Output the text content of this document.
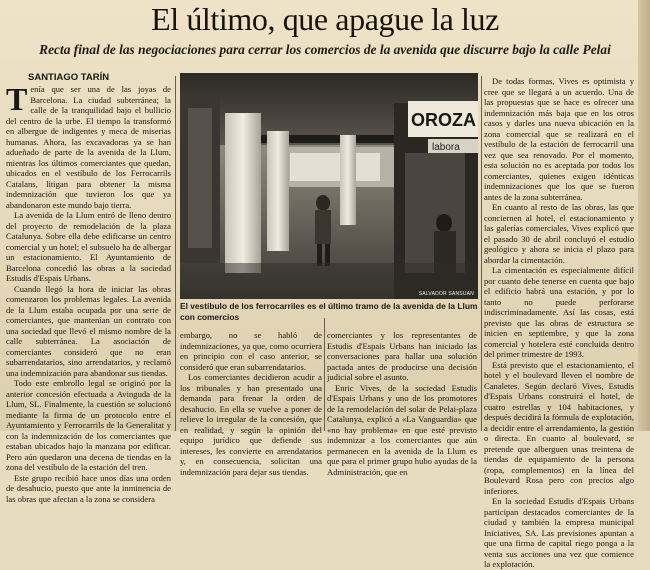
El último, que apague la luz
Recta final de las negociaciones para cerrar los comercios de la avenida que discurre bajo la calle Pelai
SANTIAGO TARÍN

Tenía que ser una de las joyas de Barcelona. La ciudad subterránea; la calle de la tranquilidad bajo el bullicio del centro de la urbe. El tiempo la transformó en albergue de indigentes y meca de miserias humanas. Ahora, las excavadoras ya se han adueñado de parte de la avenida de la Llum, mientras los últimos comerciantes que quedan, ubicados en el vestíbulo de los Ferrocarrils Catalans, litigan para obtener la misma indemnización que tuvieron los que ya abandonaron este mundo bajo tierra.

La avenida de la Llum entró de lleno dentro del proyecto de remodelación de la plaza Catalunya. Sobre ella debe edificarse un centro comercial y un hotel; el subsuelo ha de albergar un estacionamiento. El Ayuntamiento de Barcelona concedió las obras a la sociedad Estudis d'Espais Urbans.

Cuando llegó la hora de iniciar las obras comenzaron los problemas legales. La avenida de la Llum estaba ocupada por una serie de comerciantes, que mantenían un contrato con una sociedad que llevó el mismo nombre de la calle subterránea. La asociación de comerciantes consideró que no eran subarrendatarios, sino arrendatarios, y reclamó una indemnización para abandonar sus tiendas.

Todo este embrollo legal se originó por la anterior concesión efectuada a Avinguda de la Llum, SL. Finalmente, la cuestión se solucionó mediante la firma de un protocolo entre el Ayuntamiento y Ferrocarrils de la Generalitat y con la indemnización de los comerciantes que estaban ubicados bajo la manzana por edificar. Pero aún quedaron una decena de tiendas en la zona del vestíbulo de la estación del tren.

Este grupo recibió hace unos días una orden de desahucio, puesto que ante la inminencia de las obras que afectan a la zona se considera

OROZA
labora
SALVADOR SANSUAN
El vestíbulo de los ferrocarriles es el último tramo de la avenida de la Llum con comercios

embargo, no se habló de indemnizaciones, ya que, como ocurriera en principio con el caso anterior, se consideró que eran subarrendatarios.

Los comerciantes decidieron acudir a los tribunales y han presentado una demanda para frenar la orden de desahucio. En ella se vuelve a poner de relieve lo irregular de la concesión, que en realidad, y según la opinión del equipo jurídico que defiende sus intereses, les convierte en arrendatarios y, en consecuencia, solicitan una indemnización para dejar sus tiendas.

comerciantes y los representantes de Estudis d'Espais Urbans han iniciado las conversaciones para hallar una solución pactada antes de producirse una decisión judicial sobre el asunto.

Enric Vives, de la sociedad Estudis d'Espais Urbans y uno de los promotores de la remodelación del solar de Pelai-plaza Catalunya, explicó a «La Vanguardia» que «no hay problema» en que esté previsto indemnizar a los comerciantes que aún permanecen en la avenida de la Llum es que para el primer grupo hubo ayudas de la Administración, que en

De todas formas, Vives es optimista y cree que se llegará a un acuerdo. Una de las propuestas que se hace es ofrecer una indemnización más baja que en los otros casos y darles una nueva ubicación en la zona comercial que se realizará en el vestíbulo de la estación de ferrocarril una vez que sea renovado. Por el momento, esta solución no es aceptada por todos los comerciantes, quienes exigen idénticas indemnizaciones que los que se fueron antes de la zona subterránea.

En cuanto al resto de las obras, las que conciernen al hotel, el estacionamiento y las galerías comerciales, Vives explicó que el pasado 30 de abril concluyó el estudio geológico y ahora se inicia el plazo para abordar la cimentación.

La cimentación es especialmente difícil por cuanto debe tenerse en cuenta que bajo el edificio habrá una estación, y por lo tanto no puede perforarse indiscriminadamente. Así las cosas, está previsto que las obras de estructura se inicien en septiembre, y que la zona comercial y hotelera esté concluida dentro del primer trimestre de 1993.

Está previsto que el estacionamiento, el hotel y el boulevard lleven el nombre de Canaletes. Según declaró Vives, Estudis d'Espais Urbans construirá el hotel, de cuatro estrellas y 104 habitaciones, y después decidirá la fórmula de explotación, a decidir entre el arrendamiento, la gestión o directa. En cuanto al boulevard, se pretende que alberguen unas treintena de tiendas de equipamiento de la persona (ropa, complementos) en la línea del Boulevard Rosa pero con precios algo inferiores.

En la sociedad Estudis d'Espais Urbans participan destacados comerciantes de la ciudad y también la empresa municipal Iniciatives, SA. Las previsiones apuntan a que una firma de capital riego ponga a la venta sus acciones una vez que comience la explotación.
